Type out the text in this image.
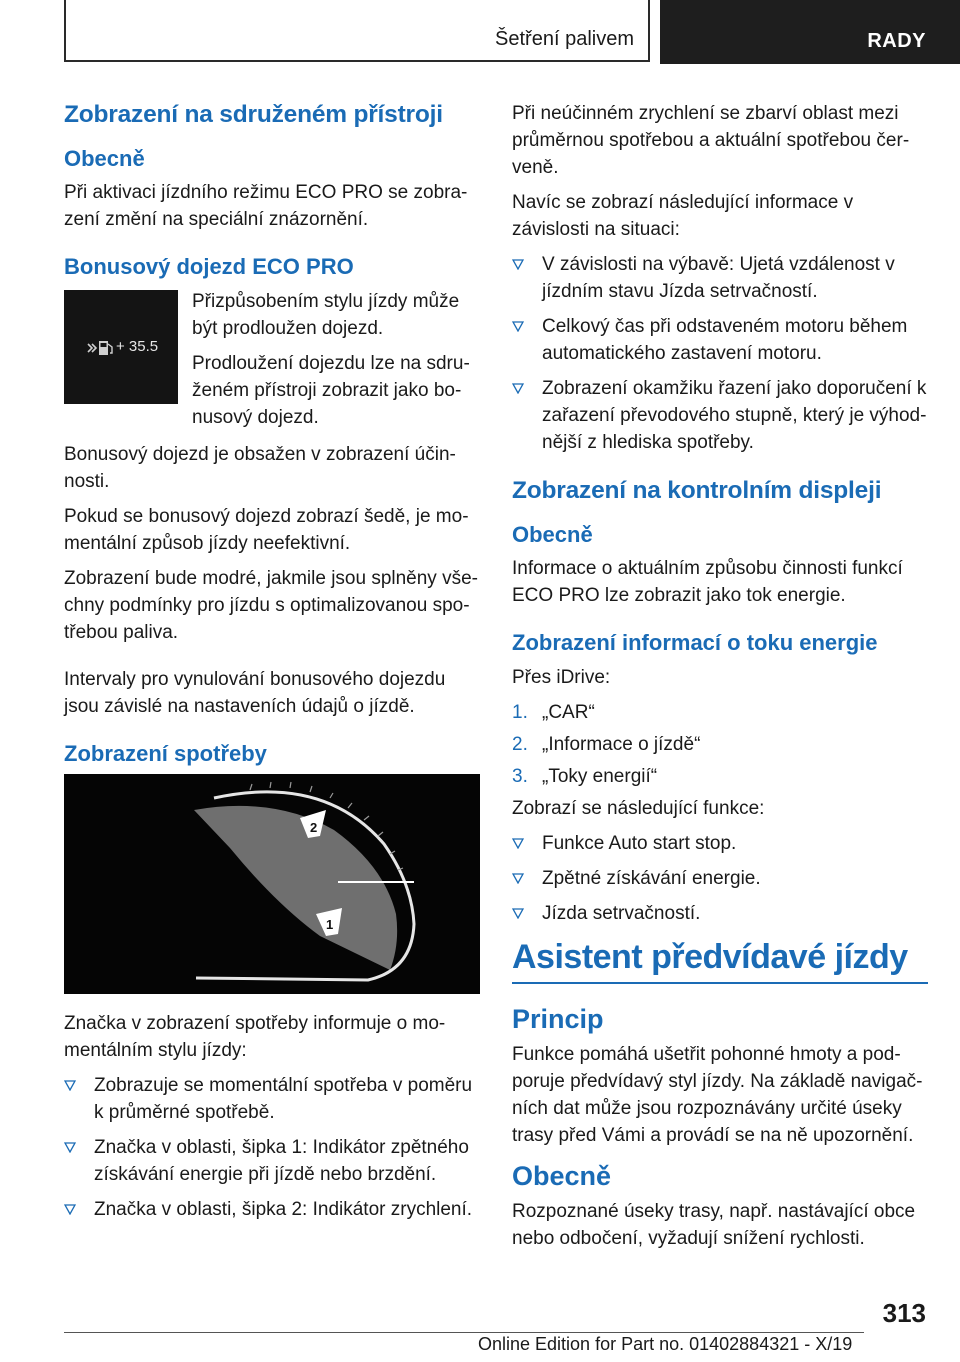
Šetření palivem	RADY
Zobrazení na sdruženém přístroji
Obecně

Při aktivaci jízdního režimu ECO PRO se zobrazení změní na speciální znázornění.

Bonusový dojezd ECO PRO
+ 35.5

Přizpůsobením stylu jízdy může být prodloužen dojezd.

Prodloužení dojezdu lze na sdruženém přístroji zobrazit jako bonusový dojezd.

Bonusový dojezd je obsažen v zobrazení účinnosti.

Pokud se bonusový dojezd zobrazí šedě, je momentální způsob jízdy neefektivní.

Zobrazení bude modré, jakmile jsou splněny všechny podmínky pro jízdu s optimalizovanou spotřebou paliva.

Intervaly pro vynulování bonusového dojezdu jsou závislé na nastaveních údajů o jízdě.

Zobrazení spotřeby
2
1

Značka v zobrazení spotřeby informuje o momentálním stylu jízdy:

Zobrazuje se momentální spotřeba v poměru k průměrné spotřebě.
Značka v oblasti, šipka 1: Indikátor zpětného získávání energie při jízdě nebo brzdění.
Značka v oblasti, šipka 2: Indikátor zrychlení.

Při neúčinném zrychlení se zbarví oblast mezi průměrnou spotřebou a aktuální spotřebou červeně.

Navíc se zobrazí následující informace v závislosti na situaci:

V závislosti na výbavě: Ujetá vzdálenost v jízdním stavu Jízda setrvačností.
Celkový čas při odstaveném motoru během automatického zastavení motoru.
Zobrazení okamžiku řazení jako doporučení k zařazení převodového stupně, který je výhodnější z hlediska spotřeby.
Zobrazení na kontrolním displeji
Obecně

Informace o aktuálním způsobu činnosti funkcí ECO PRO lze zobrazit jako tok energie.

Zobrazení informací o toku energie

Přes iDrive:

1. „CAR“
2. „Informace o jízdě“
3. „Toky energií“

Zobrazí se následující funkce:

Funkce Auto start stop.
Zpětné získávání energie.
Jízda setrvačností.
Asistent předvídavé jízdy
Princip

Funkce pomáhá ušetřit pohonné hmoty a podporuje předvídavý styl jízdy. Na základě navigačních dat může jsou rozpoznávány určité úseky trasy před Vámi a provádí se na ně upozornění.

Obecně

Rozpoznané úseky trasy, např. nastávající obce nebo odbočení, vyžadují snížení rychlosti.

313
Online Edition for Part no. 01402884321 - X/19
